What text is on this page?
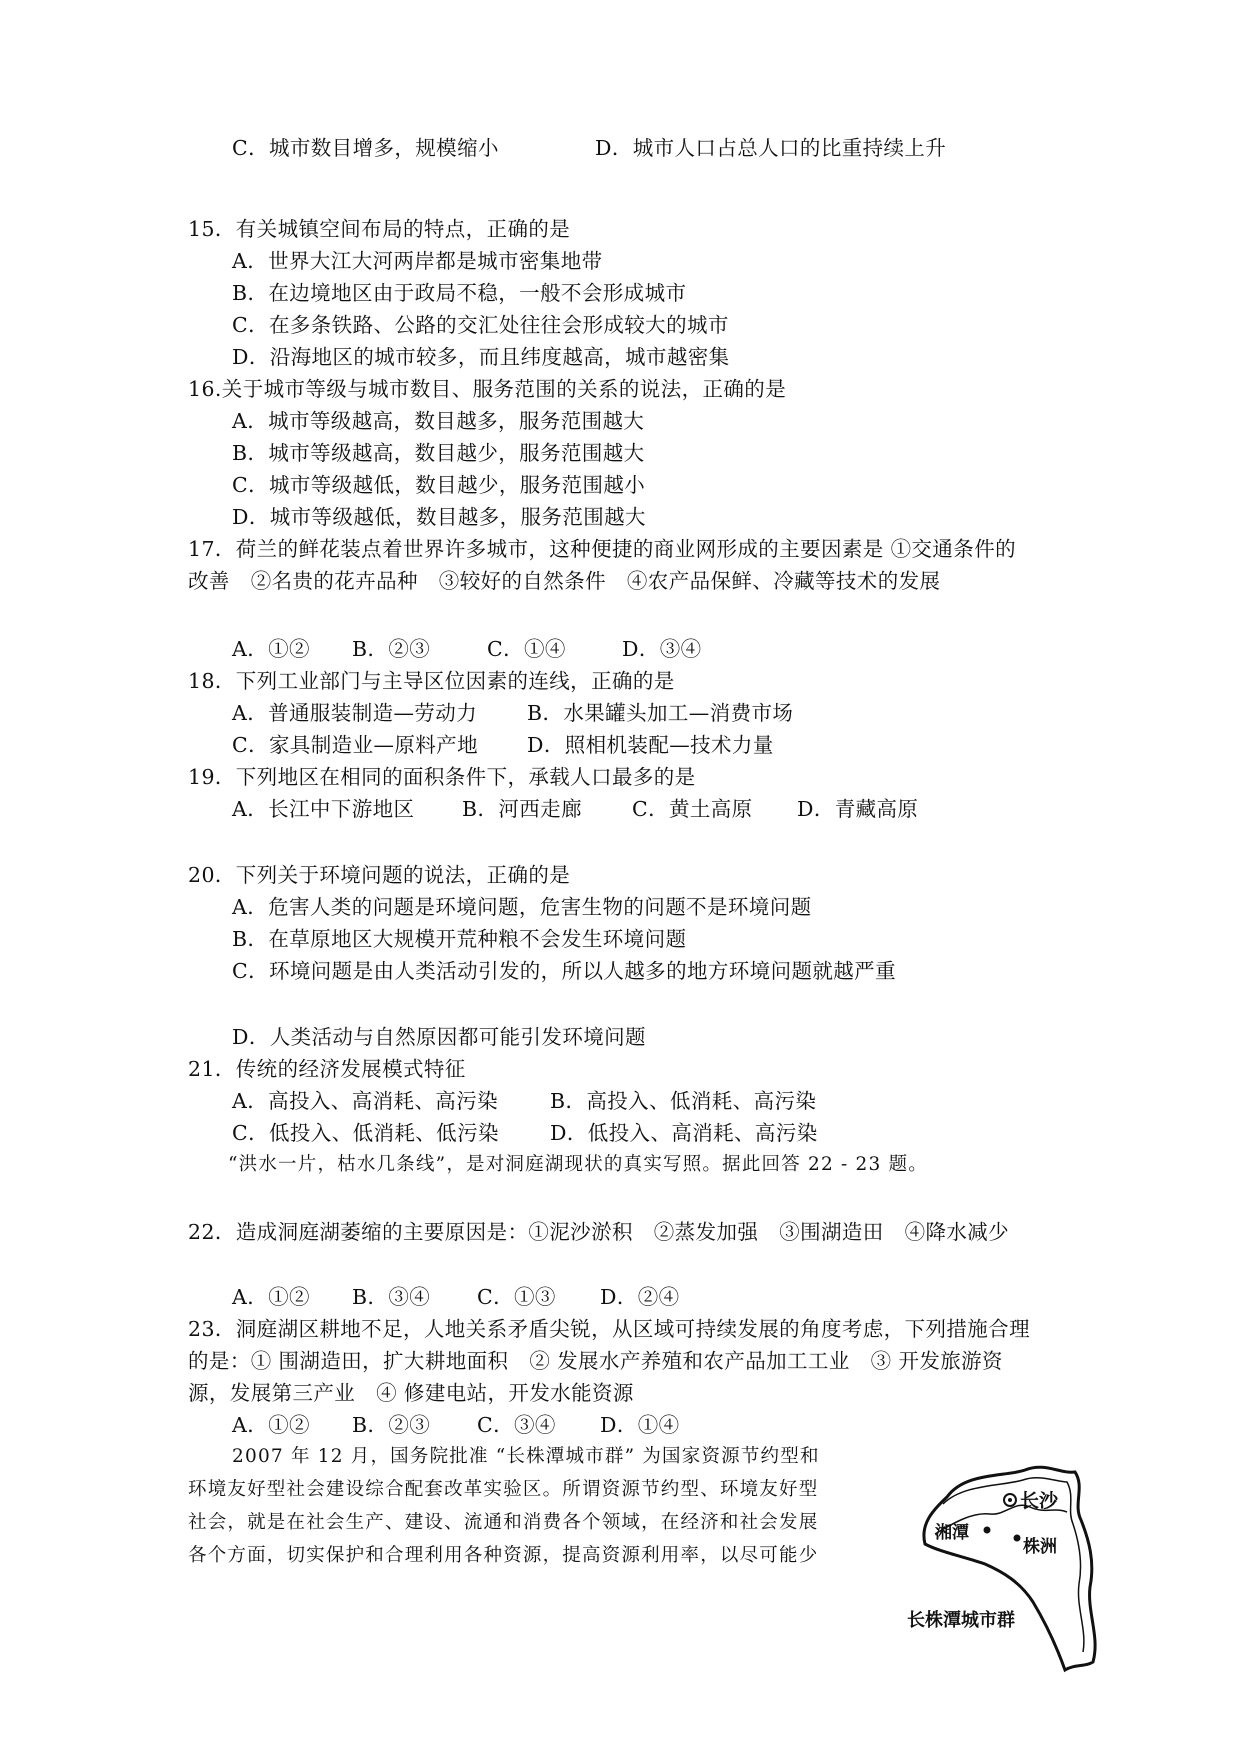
C．城市数目增多，规模缩小	D．城市人口占总人口的比重持续上升
15．有关城镇空间布局的特点，正确的是
A．世界大江大河两岸都是城市密集地带
B．在边境地区由于政局不稳，一般不会形成城市
C．在多条铁路、公路的交汇处往往会形成较大的城市
D．沿海地区的城市较多，而且纬度越高，城市越密集
16.关于城市等级与城市数目、服务范围的关系的说法，正确的是
A．城市等级越高，数目越多，服务范围越大
B．城市等级越高，数目越少，服务范围越大
C．城市等级越低，数目越少，服务范围越小
D．城市等级越低，数目越多，服务范围越大
17．荷兰的鲜花装点着世界许多城市，这种便捷的商业网形成的主要因素是 ①交通条件的
改善　②名贵的花卉品种　③较好的自然条件　④农产品保鲜、冷藏等技术的发展
A．①② B．②③	C．①④	D．③④
18．下列工业部门与主导区位因素的连线，正确的是
A．普通服装制造—劳动力 B．水果罐头加工—消费市场
C．家具制造业—原料产地 D．照相机装配—技术力量
19．下列地区在相同的面积条件下，承载人口最多的是
A．长江中下游地区 B．河西走廊 C．黄土高原 D．青藏高原
20．下列关于环境问题的说法，正确的是
A．危害人类的问题是环境问题，危害生物的问题不是环境问题
B．在草原地区大规模开荒种粮不会发生环境问题
C．环境问题是由人类活动引发的，所以人越多的地方环境问题就越严重
D．人类活动与自然原因都可能引发环境问题
21．传统的经济发展模式特征
A．高投入、高消耗、高污染	B．高投入、低消耗、高污染
C．低投入、低消耗、低污染 D．低投入、高消耗、高污染
“洪水一片，枯水几条线”，是对洞庭湖现状的真实写照。据此回答 22 - 23 题。
22．造成洞庭湖萎缩的主要原因是：①泥沙淤积　②蒸发加强　③围湖造田　④降水减少
A．①② B．③④ C．①③ D．②④
23．洞庭湖区耕地不足，人地关系矛盾尖锐，从区域可持续发展的角度考虑，下列措施合理
的是：① 围湖造田，扩大耕地面积　② 发展水产养殖和农产品加工工业　③ 开发旅游资
源，发展第三产业　④ 修建电站，开发水能资源
A．①② B．②③ C．③④ D．①④
2007 年 12 月，国务院批准 “长株潭城市群” 为国家资源节约型和
环境友好型社会建设综合配套改革实验区。所谓资源节约型、环境友好型
社会，就是在社会生产、建设、流通和消费各个领域，在经济和社会发展
各个方面，切实保护和合理利用各种资源，提高资源利用率，以尽可能少
长沙
湘潭
株洲
长株潭城市群
